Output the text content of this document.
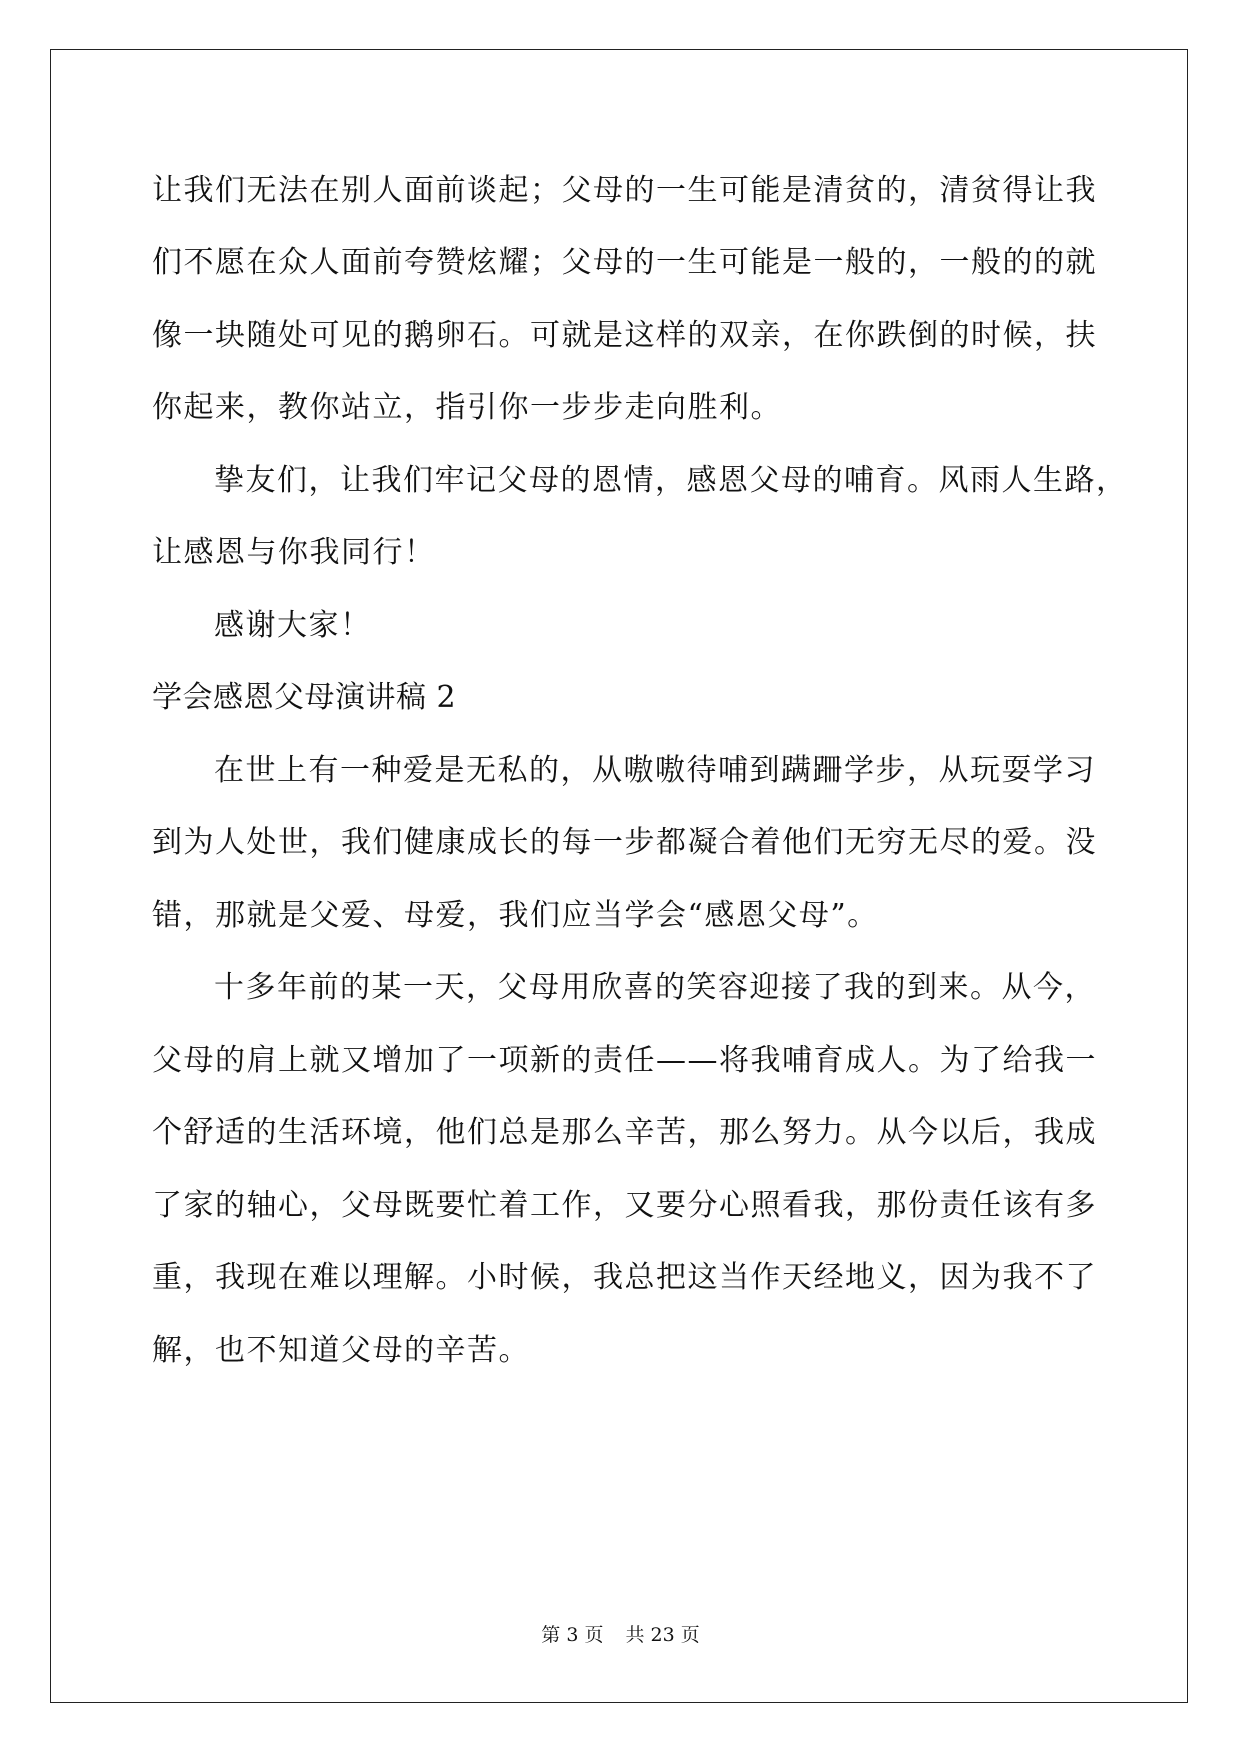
让我们无法在别人面前谈起；父母的一生可能是清贫的，清贫得让我
们不愿在众人面前夸赞炫耀；父母的一生可能是一般的，一般的的就
像一块随处可见的鹅卵石。可就是这样的双亲，在你跌倒的时候，扶
你起来，教你站立，指引你一步步走向胜利。
挚友们，让我们牢记父母的恩情，感恩父母的哺育。风雨人生路，
让感恩与你我同行！
感谢大家！
学会感恩父母演讲稿 2
在世上有一种爱是无私的，从嗷嗷待哺到蹒跚学步，从玩耍学习
到为人处世，我们健康成长的每一步都凝合着他们无穷无尽的爱。没
错，那就是父爱、母爱，我们应当学会“感恩父母”。
十多年前的某一天，父母用欣喜的笑容迎接了我的到来。从今，
父母的肩上就又增加了一项新的责任——将我哺育成人。为了给我一
个舒适的生活环境，他们总是那么辛苦，那么努力。从今以后，我成
了家的轴心，父母既要忙着工作，又要分心照看我，那份责任该有多
重，我现在难以理解。小时候，我总把这当作天经地义，因为我不了
解，也不知道父母的辛苦。
第 3 页 共 23 页
